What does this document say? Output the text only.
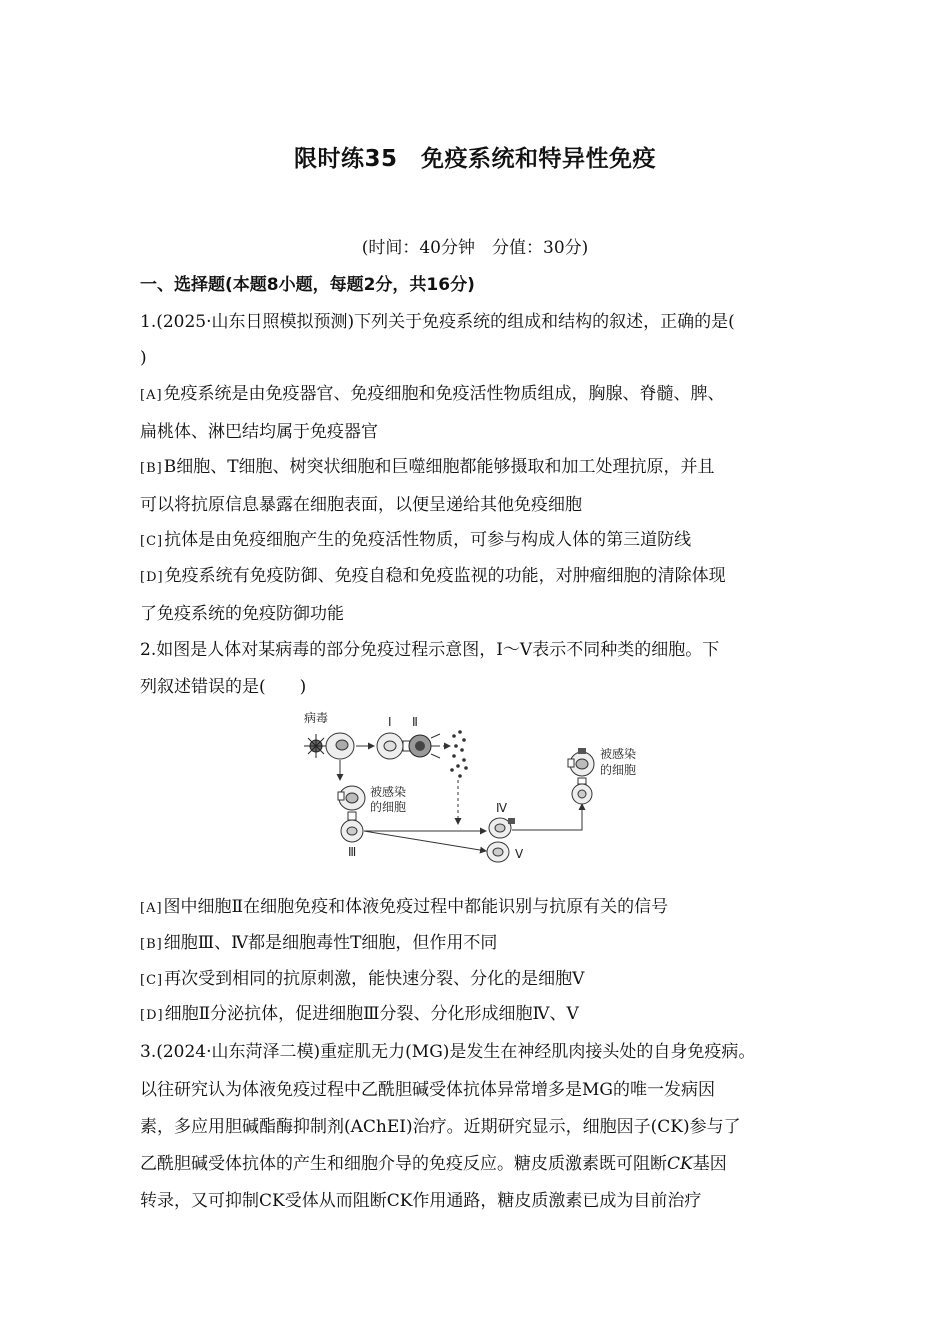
限时练35　免疫系统和特异性免疫
(时间：40分钟　分值：30分)
一、选择题(本题8小题，每题2分，共16分)
1.(2025·山东日照模拟预测)下列关于免疫系统的组成和结构的叙述，正确的是(
)
[A]免疫系统是由免疫器官、免疫细胞和免疫活性物质组成，胸腺、脊髓、脾、
扁桃体、淋巴结均属于免疫器官
[B]B细胞、T细胞、树突状细胞和巨噬细胞都能够摄取和加工处理抗原，并且
可以将抗原信息暴露在细胞表面，以便呈递给其他免疫细胞
[C]抗体是由免疫细胞产生的免疫活性物质，可参与构成人体的第三道防线
[D]免疫系统有免疫防御、免疫自稳和免疫监视的功能，对肿瘤细胞的清除体现
了免疫系统的免疫防御功能
2.如图是人体对某病毒的部分免疫过程示意图，Ⅰ～Ⅴ表示不同种类的细胞。下
列叙述错误的是(　　)
病毒	Ⅰ Ⅱ
被感染
的细胞
Ⅲ
Ⅳ
Ⅴ
被感染
的细胞
[A]图中细胞Ⅱ在细胞免疫和体液免疫过程中都能识别与抗原有关的信号
[B]细胞Ⅲ、Ⅳ都是细胞毒性T细胞，但作用不同
[C]再次受到相同的抗原刺激，能快速分裂、分化的是细胞Ⅴ
[D]细胞Ⅱ分泌抗体，促进细胞Ⅲ分裂、分化形成细胞Ⅳ、Ⅴ
3.(2024·山东菏泽二模)重症肌无力(MG)是发生在神经肌肉接头处的自身免疫病。
以往研究认为体液免疫过程中乙酰胆碱受体抗体异常增多是MG的唯一发病因
素，多应用胆碱酯酶抑制剂(AChEI)治疗。近期研究显示，细胞因子(CK)参与了
乙酰胆碱受体抗体的产生和细胞介导的免疫反应。糖皮质激素既可阻断CK基因
转录，又可抑制CK受体从而阻断CK作用通路，糖皮质激素已成为目前治疗
